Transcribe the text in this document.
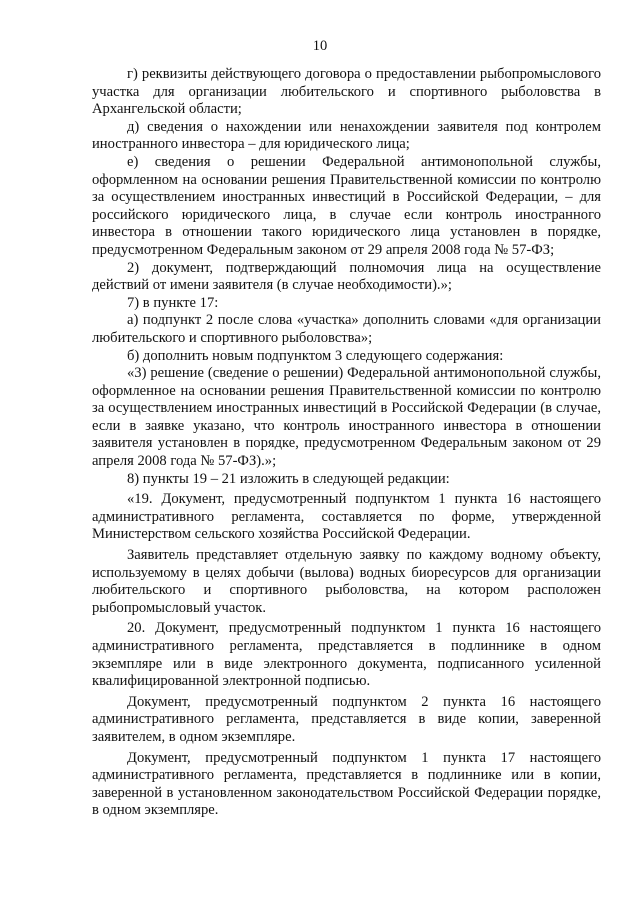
10

г) реквизиты действующего договора о предоставлении рыбопромыслового участка для организации любительского и спортивного рыболовства в Архангельской области;

д) сведения о нахождении или ненахождении заявителя под контролем иностранного инвестора – для юридического лица;

е) сведения о решении Федеральной антимонопольной службы, оформленном на основании решения Правительственной комиссии по контролю за осуществлением иностранных инвестиций в Российской Федерации, – для российского юридического лица, в случае если контроль иностранного инвестора в отношении такого юридического лица установлен в порядке, предусмотренном Федеральным законом от 29 апреля 2008 года № 57-ФЗ;

2) документ, подтверждающий полномочия лица на осуществление действий от имени заявителя (в случае необходимости).»;

7) в пункте 17:

а) подпункт 2 после слова «участка» дополнить словами «для организации любительского и спортивного рыболовства»;

б) дополнить новым подпунктом 3 следующего содержания:

«3) решение (сведение о решении) Федеральной антимонопольной службы, оформленное на основании решения Правительственной комиссии по контролю за осуществлением иностранных инвестиций в Российской Федерации (в случае, если в заявке указано, что контроль иностранного инвестора в отношении заявителя установлен в порядке, предусмотренном Федеральным законом от 29 апреля 2008 года № 57-ФЗ).»;

8) пункты 19 – 21 изложить в следующей редакции:

«19. Документ, предусмотренный подпунктом 1 пункта 16 настоящего административного регламента, составляется по форме, утвержденной Министерством сельского хозяйства Российской Федерации.

Заявитель представляет отдельную заявку по каждому водному объекту, используемому в целях добычи (вылова) водных биоресурсов для организации любительского и спортивного рыболовства, на котором расположен рыбопромысловый участок.

20. Документ, предусмотренный подпунктом 1 пункта 16 настоящего административного регламента, представляется в подлиннике в одном экземпляре или в виде электронного документа, подписанного усиленной квалифицированной электронной подписью.

Документ, предусмотренный подпунктом 2 пункта 16 настоящего административного регламента, представляется в виде копии, заверенной заявителем, в одном экземпляре.

Документ, предусмотренный подпунктом 1 пункта 17 настоящего административного регламента, представляется в подлиннике или в копии, заверенной в установленном законодательством Российской Федерации порядке, в одном экземпляре.
